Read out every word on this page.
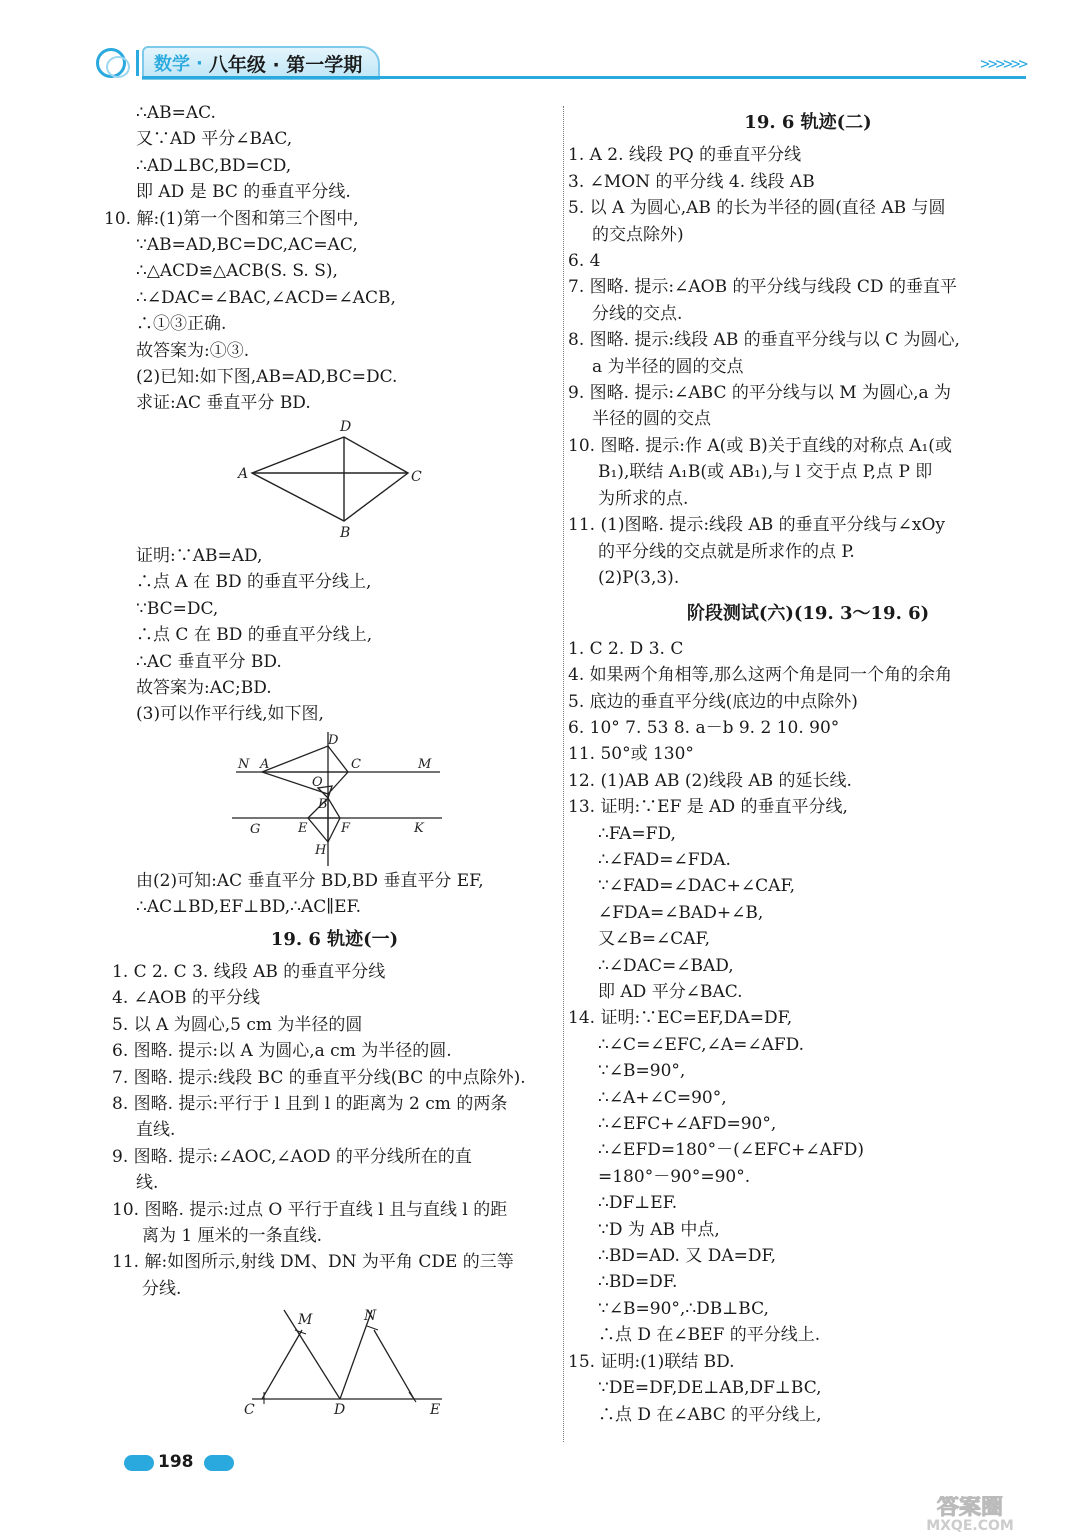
数学 · 八年级 · 第一学期	>>>>>>
∴AB=AC.
又∵AD 平分∠BAC,
∴AD⊥BC,BD=CD,
即 AD 是 BC 的垂直平分线.
10. 解:(1)第一个图和第三个图中,
∵AB=AD,BC=DC,AC=AC,
∴△ACD≌△ACB(S. S. S),
∴∠DAC=∠BAC,∠ACD=∠ACB,
∴①③正确.
故答案为:①③.
(2)已知:如下图,AB=AD,BC=DC.
求证:AC 垂直平分 BD.
D
A	C
B
证明:∵AB=AD,
∴点 A 在 BD 的垂直平分线上,
∵BC=DC,
∴点 C 在 BD 的垂直平分线上,
∴AC 垂直平分 BD.
故答案为:AC;BD.
(3)可以作平行线,如下图,
N A
D
C	M
O
B
G	E	F	K
H
由(2)可知:AC 垂直平分 BD,BD 垂直平分 EF,
∴AC⊥BD,EF⊥BD,∴AC∥EF.
19. 6 轨迹(一)
1. C 2. C 3. 线段 AB 的垂直平分线
4. ∠AOB 的平分线
5. 以 A 为圆心,5 cm 为半径的圆
6. 图略. 提示:以 A 为圆心,a cm 为半径的圆.
7. 图略. 提示:线段 BC 的垂直平分线(BC 的中点除外).
8. 图略. 提示:平行于 l 且到 l 的距离为 2 cm 的两条
直线.
9. 图略. 提示:∠AOC,∠AOD 的平分线所在的直
线.
10. 图略. 提示:过点 O 平行于直线 l 且与直线 l 的距
离为 1 厘米的一条直线.
11. 解:如图所示,射线 DM、DN 为平角 CDE 的三等
分线.
M	N
C	D	E
19. 6 轨迹(二)
1. A 2. 线段 PQ 的垂直平分线
3. ∠MON 的平分线 4. 线段 AB
5. 以 A 为圆心,AB 的长为半径的圆(直径 AB 与圆
的交点除外)
6. 4
7. 图略. 提示:∠AOB 的平分线与线段 CD 的垂直平
分线的交点.
8. 图略. 提示:线段 AB 的垂直平分线与以 C 为圆心,
a 为半径的圆的交点
9. 图略. 提示:∠ABC 的平分线与以 M 为圆心,a 为
半径的圆的交点
10. 图略. 提示:作 A(或 B)关于直线的对称点 A₁(或
B₁),联结 A₁B(或 AB₁),与 l 交于点 P,点 P 即
为所求的点.
11. (1)图略. 提示:线段 AB 的垂直平分线与∠xOy
的平分线的交点就是所求作的点 P.
(2)P(3,3).
阶段测试(六)(19. 3～19. 6)
1. C 2. D 3. C
4. 如果两个角相等,那么这两个角是同一个角的余角
5. 底边的垂直平分线(底边的中点除外)
6. 10° 7. 53 8. a－b 9. 2 10. 90°
11. 50°或 130°
12. (1)AB AB (2)线段 AB 的延长线.
13. 证明:∵EF 是 AD 的垂直平分线,
∴FA=FD,
∴∠FAD=∠FDA.
∵∠FAD=∠DAC+∠CAF,
∠FDA=∠BAD+∠B,
又∠B=∠CAF,
∴∠DAC=∠BAD,
即 AD 平分∠BAC.
14. 证明:∵EC=EF,DA=DF,
∴∠C=∠EFC,∠A=∠AFD.
∵∠B=90°,
∴∠A+∠C=90°,
∴∠EFC+∠AFD=90°,
∴∠EFD=180°－(∠EFC+∠AFD)
=180°－90°=90°.
∴DF⊥EF.
∵D 为 AB 中点,
∴BD=AD. 又 DA=DF,
∴BD=DF.
∵∠B=90°,∴DB⊥BC,
∴点 D 在∠BEF 的平分线上.
15. 证明:(1)联结 BD.
∵DE=DF,DE⊥AB,DF⊥BC,
∴点 D 在∠ABC 的平分线上,
198
答案圈
MXQE.COM
